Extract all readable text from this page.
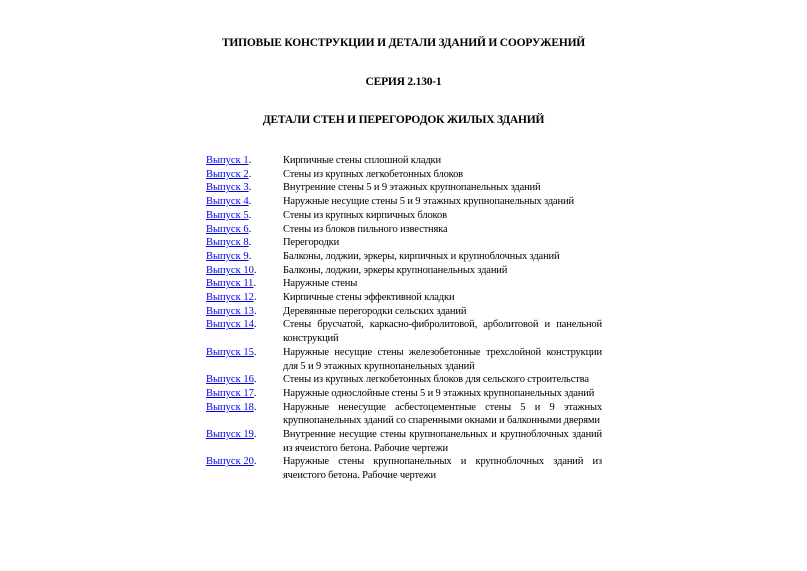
ТИПОВЫЕ КОНСТРУКЦИИ И ДЕТАЛИ ЗДАНИЙ И СООРУЖЕНИЙ
СЕРИЯ 2.130-1
ДЕТАЛИ СТЕН И ПЕРЕГОРОДОК ЖИЛЫХ ЗДАНИЙ
Выпуск 1.	Кирпичные стены сплошной кладки
Выпуск 2.	Стены из крупных легкобетонных блоков
Выпуск 3.	Внутренние стены 5 и 9 этажных крупнопанельных зданий
Выпуск 4.	Наружные несущие стены 5 и 9 этажных крупнопанельных зданий
Выпуск 5.	Стены из крупных кирпичных блоков
Выпуск 6.	Стены из блоков пильного известняка
Выпуск 8.	Перегородки
Выпуск 9.	Балконы, лоджии, эркеры, кирпичных и крупноблочных зданий
Выпуск 10.	Балконы, лоджии, эркеры крупнопанельных зданий
Выпуск 11.	Наружные стены
Выпуск 12.	Кирпичные стены эффективной кладки
Выпуск 13.	Деревянные перегородки сельских зданий
Выпуск 14.	Стены брусчатой, каркасно-фибролитовой, арболитовой и панельной конструкций
Выпуск 15.	Наружные несущие стены железобетонные трехслойной конструкции для 5 и 9 этажных крупнопанельных зданий
Выпуск 16.	Стены из крупных легкобетонных блоков для сельского строительства
Выпуск 17.	Наружные однослойные стены 5 и 9 этажных крупнопанельных зданий
Выпуск 18.	Наружные ненесущие асбестоцементные стены 5 и 9 этажных крупнопанельных зданий со спаренными окнами и балконными дверями
Выпуск 19.	Внутренние несущие стены крупнопанельных и крупноблочных зданий из ячеистого бетона. Рабочие чертежи
Выпуск 20.	Наружные стены крупнопанельных и крупноблочных зданий из ячеистого бетона. Рабочие чертежи
